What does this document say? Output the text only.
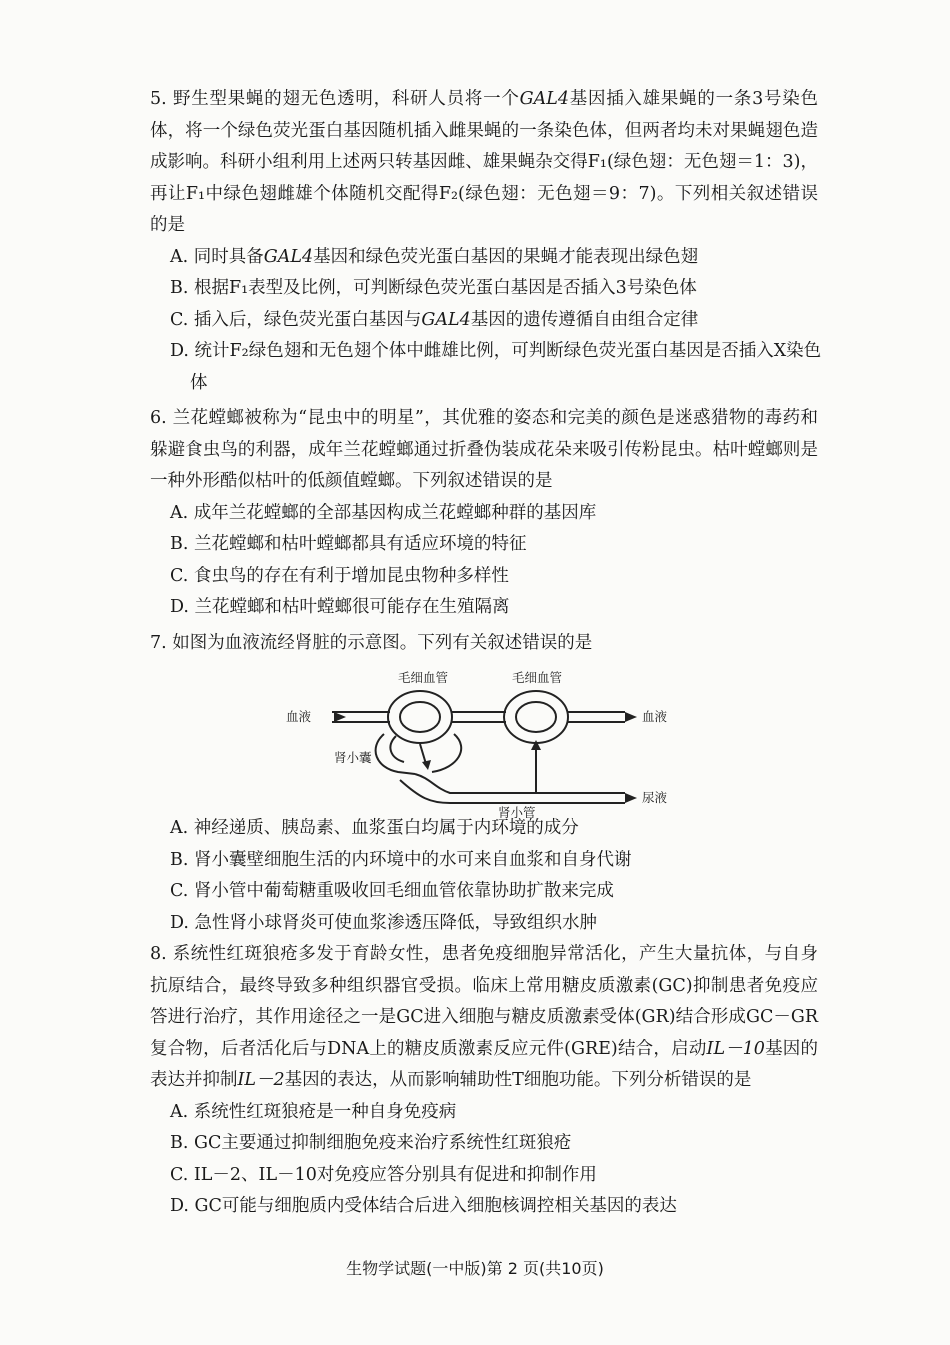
5. 野生型果蝇的翅无色透明，科研人员将一个GAL4基因插入雄果蝇的一条3号染色体，将一个绿色荧光蛋白基因随机插入雌果蝇的一条染色体，但两者均未对果蝇翅色造成影响。科研小组利用上述两只转基因雌、雄果蝇杂交得F₁(绿色翅：无色翅＝1：3)，再让F₁中绿色翅雌雄个体随机交配得F₂(绿色翅：无色翅＝9：7)。下列相关叙述错误的是

A. 同时具备GAL4基因和绿色荧光蛋白基因的果蝇才能表现出绿色翅

B. 根据F₁表型及比例，可判断绿色荧光蛋白基因是否插入3号染色体

C. 插入后，绿色荧光蛋白基因与GAL4基因的遗传遵循自由组合定律

D. 统计F₂绿色翅和无色翅个体中雌雄比例，可判断绿色荧光蛋白基因是否插入X染色体

6. 兰花螳螂被称为“昆虫中的明星”，其优雅的姿态和完美的颜色是迷惑猎物的毒药和躲避食虫鸟的利器，成年兰花螳螂通过折叠伪装成花朵来吸引传粉昆虫。枯叶螳螂则是一种外形酷似枯叶的低颜值螳螂。下列叙述错误的是

A. 成年兰花螳螂的全部基因构成兰花螳螂种群的基因库

B. 兰花螳螂和枯叶螳螂都具有适应环境的特征

C. 食虫鸟的存在有利于增加昆虫物种多样性

D. 兰花螳螂和枯叶螳螂很可能存在生殖隔离

7. 如图为血液流经肾脏的示意图。下列有关叙述错误的是

毛细血管	毛细血管
血液	血液
肾小囊
肾小管
尿液

A. 神经递质、胰岛素、血浆蛋白均属于内环境的成分

B. 肾小囊壁细胞生活的内环境中的水可来自血浆和自身代谢

C. 肾小管中葡萄糖重吸收回毛细血管依靠协助扩散来完成

D. 急性肾小球肾炎可使血浆渗透压降低，导致组织水肿

8. 系统性红斑狼疮多发于育龄女性，患者免疫细胞异常活化，产生大量抗体，与自身抗原结合，最终导致多种组织器官受损。临床上常用糖皮质激素(GC)抑制患者免疫应答进行治疗，其作用途径之一是GC进入细胞与糖皮质激素受体(GR)结合形成GC－GR复合物，后者活化后与DNA上的糖皮质激素反应元件(GRE)结合，启动IL－10基因的表达并抑制IL－2基因的表达，从而影响辅助性T细胞功能。下列分析错误的是

A. 系统性红斑狼疮是一种自身免疫病

B. GC主要通过抑制细胞免疫来治疗系统性红斑狼疮

C. IL－2、IL－10对免疫应答分别具有促进和抑制作用

D. GC可能与细胞质内受体结合后进入细胞核调控相关基因的表达

生物学试题(一中版)第 2 页(共10页)
